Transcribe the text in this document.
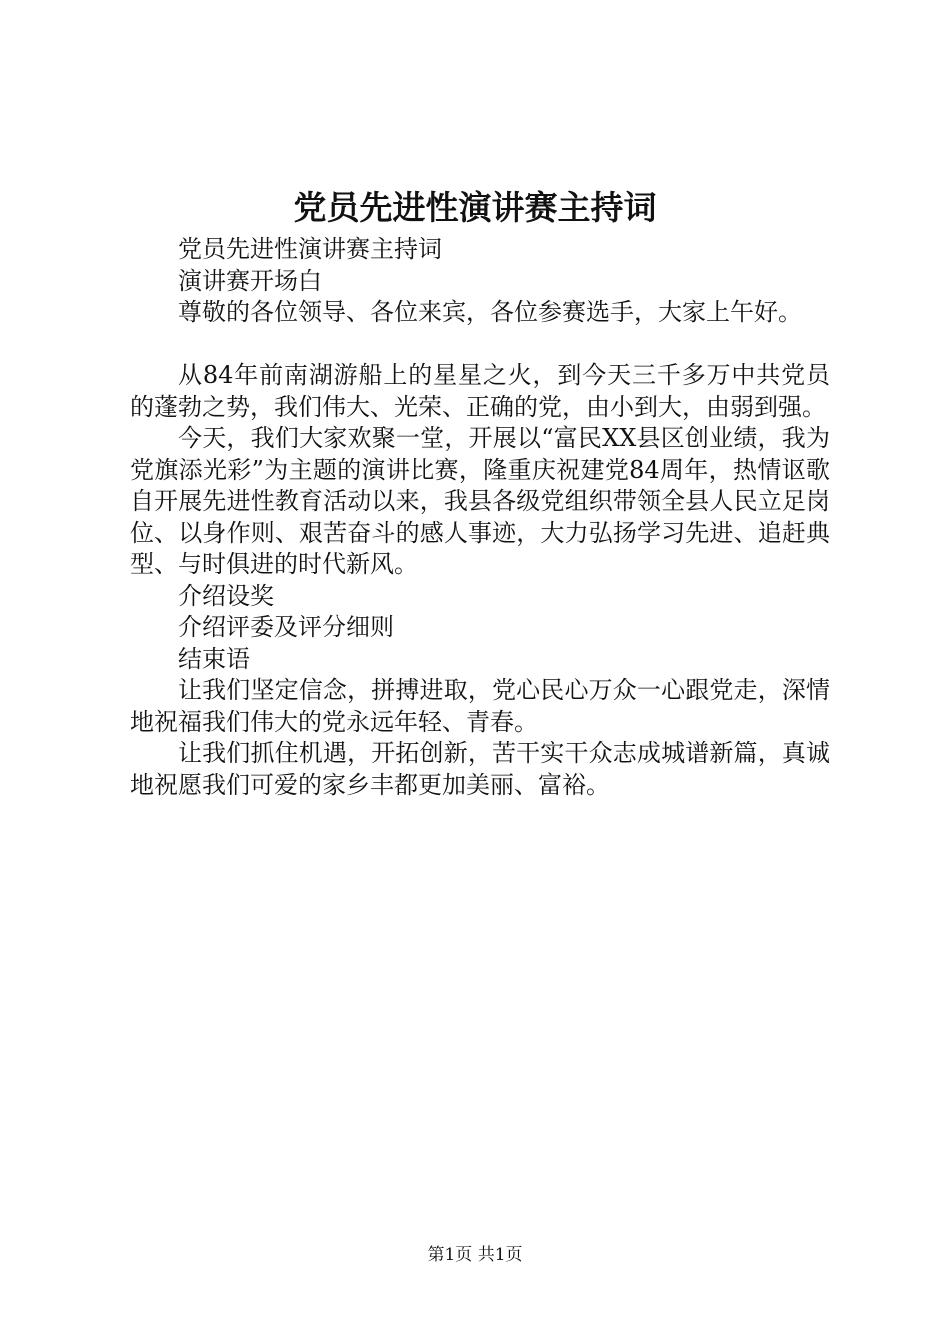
党员先进性演讲赛主持词

党员先进性演讲赛主持词

演讲赛开场白

尊敬的各位领导、各位来宾，各位参赛选手，大家上午好。

从84年前南湖游船上的星星之火，到今天三千多万中共党员的蓬勃之势，我们伟大、光荣、正确的党，由小到大，由弱到强。

今天，我们大家欢聚一堂，开展以“富民XX县区创业绩，我为党旗添光彩”为主题的演讲比赛，隆重庆祝建党84周年，热情讴歌自开展先进性教育活动以来，我县各级党组织带领全县人民立足岗位、以身作则、艰苦奋斗的感人事迹，大力弘扬学习先进、追赶典型、与时俱进的时代新风。

介绍设奖

介绍评委及评分细则

结束语

让我们坚定信念，拼搏进取，党心民心万众一心跟党走，深情地祝福我们伟大的党永远年轻、青春。

让我们抓住机遇，开拓创新，苦干实干众志成城谱新篇，真诚地祝愿我们可爱的家乡丰都更加美丽、富裕。

第1页 共1页
